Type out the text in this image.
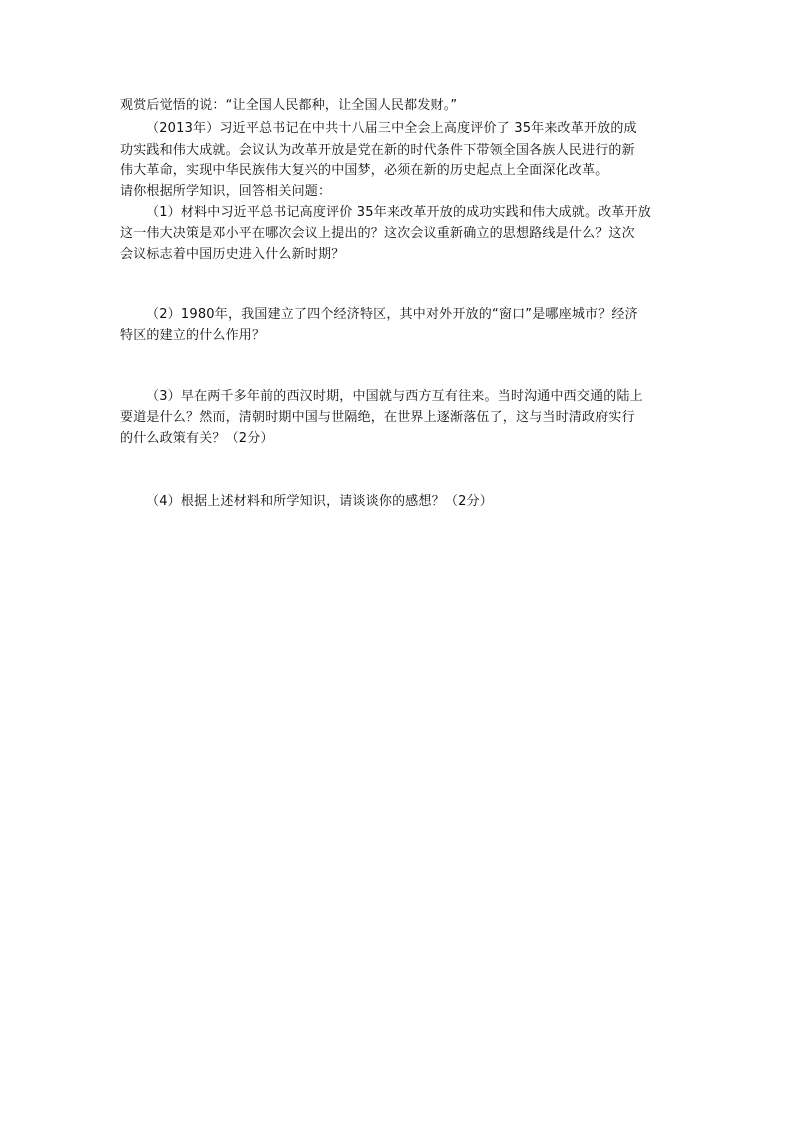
观赏后觉悟的说：“让全国人民都种，让全国人民都发财。”
（2013年）习近平总书记在中共十八届三中全会上高度评价了 35年来改革开放的成
功实践和伟大成就。会议认为改革开放是党在新的时代条件下带领全国各族人民进行的新
伟大革命，实现中华民族伟大复兴的中国梦，必须在新的历史起点上全面深化改革。
请你根据所学知识，回答相关问题：
（1）材料中习近平总书记高度评价 35年来改革开放的成功实践和伟大成就。改革开放
这一伟大决策是邓小平在哪次会议上提出的？这次会议重新确立的思想路线是什么？这次
会议标志着中国历史进入什么新时期？
（2）1980年，我国建立了四个经济特区，其中对外开放的“窗口”是哪座城市？经济
特区的建立的什么作用？
（3）早在两千多年前的西汉时期，中国就与西方互有往来。当时沟通中西交通的陆上
要道是什么？然而，清朝时期中国与世隔绝，在世界上逐渐落伍了，这与当时清政府实行
的什么政策有关？（2分）
（4）根据上述材料和所学知识，请谈谈你的感想？（2分）
